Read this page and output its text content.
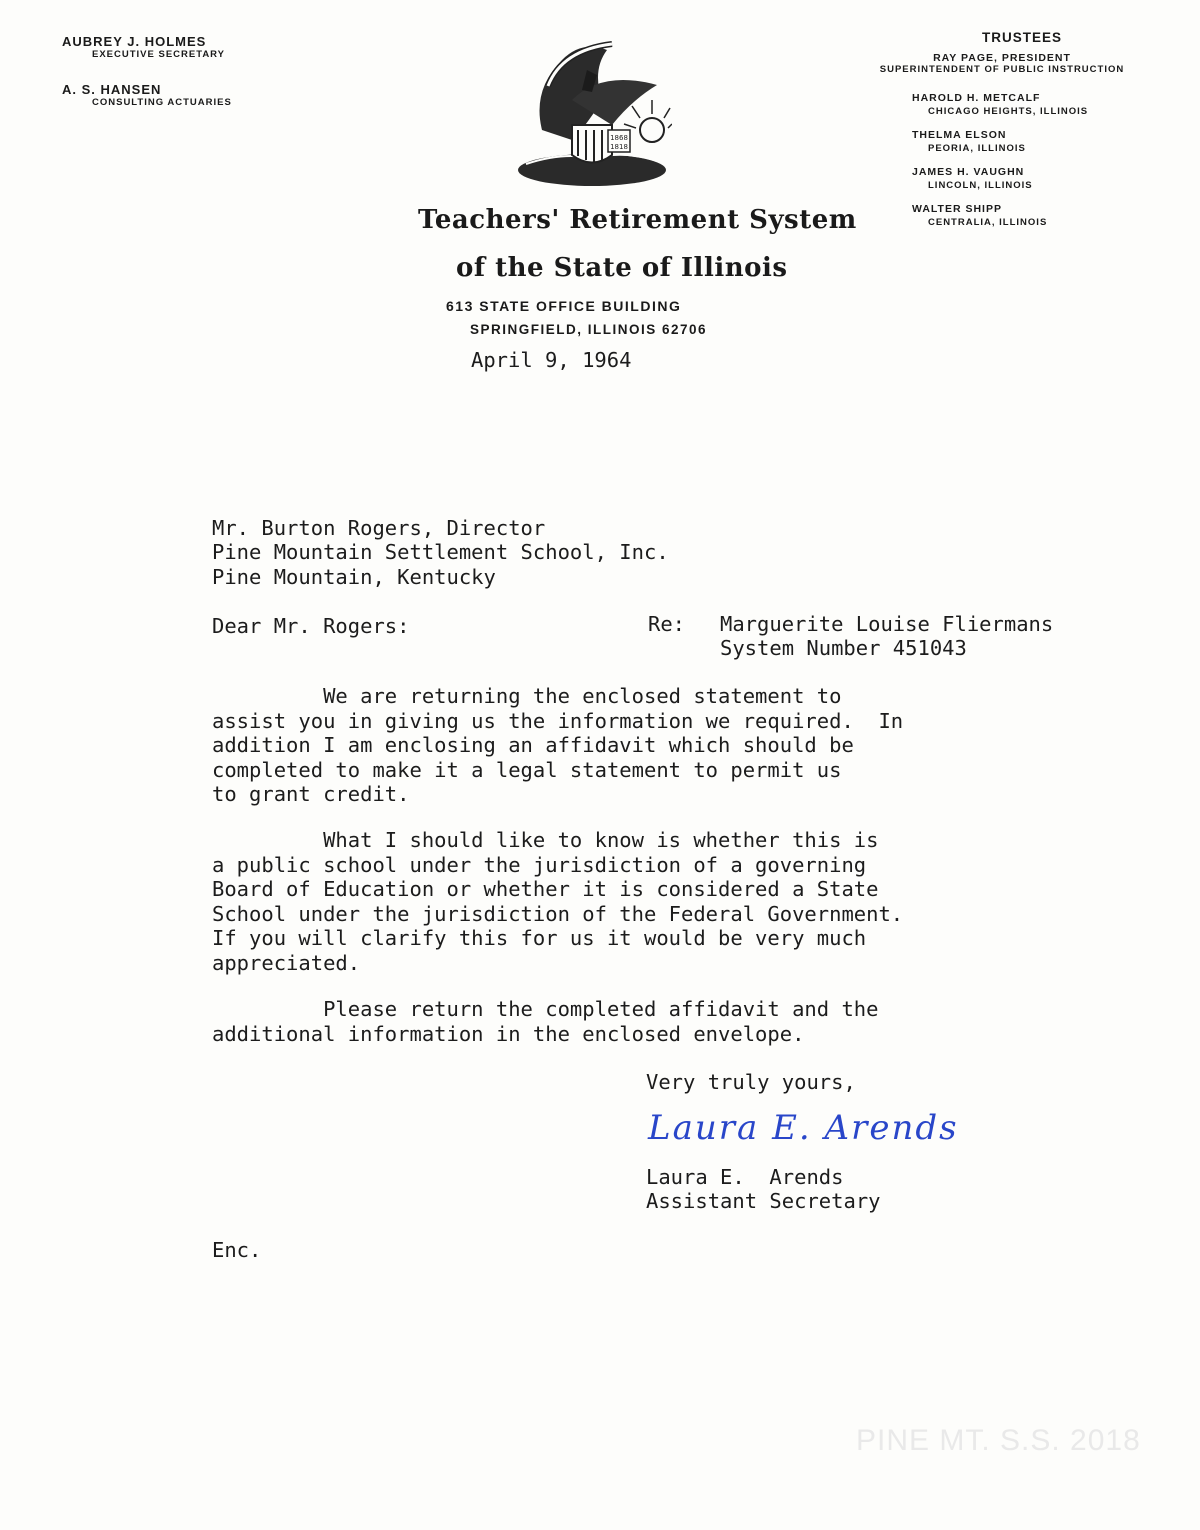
AUBREY J. HOLMES
EXECUTIVE SECRETARY
A. S. HANSEN
CONSULTING ACTUARIES
1868
1818
Teachers' Retirement System
of the State of Illinois
613 STATE OFFICE BUILDING
SPRINGFIELD, ILLINOIS 62706
TRUSTEES
RAY PAGE, PRESIDENT
SUPERINTENDENT OF PUBLIC INSTRUCTION
HAROLD H. METCALF
CHICAGO HEIGHTS, ILLINOIS
THELMA ELSON
PEORIA, ILLINOIS
JAMES H. VAUGHN
LINCOLN, ILLINOIS
WALTER SHIPP
CENTRALIA, ILLINOIS
April 9, 1964
Mr. Burton Rogers, Director
Pine Mountain Settlement School, Inc.
Pine Mountain, Kentucky
Dear Mr. Rogers:	Re: Marguerite Louise Fliermans
System Number 451043
We are returning the enclosed statement to
assist you in giving us the information we required.  In
addition I am enclosing an affidavit which should be
completed to make it a legal statement to permit us
to grant credit.
What I should like to know is whether this is
a public school under the jurisdiction of a governing
Board of Education or whether it is considered a State
School under the jurisdiction of the Federal Government.
If you will clarify this for us it would be very much
appreciated.
Please return the completed affidavit and the
additional information in the enclosed envelope.
Very truly yours,
Laura E. Arends
Laura E.  Arends
Assistant Secretary
Enc.
PINE MT. S.S. 2018
